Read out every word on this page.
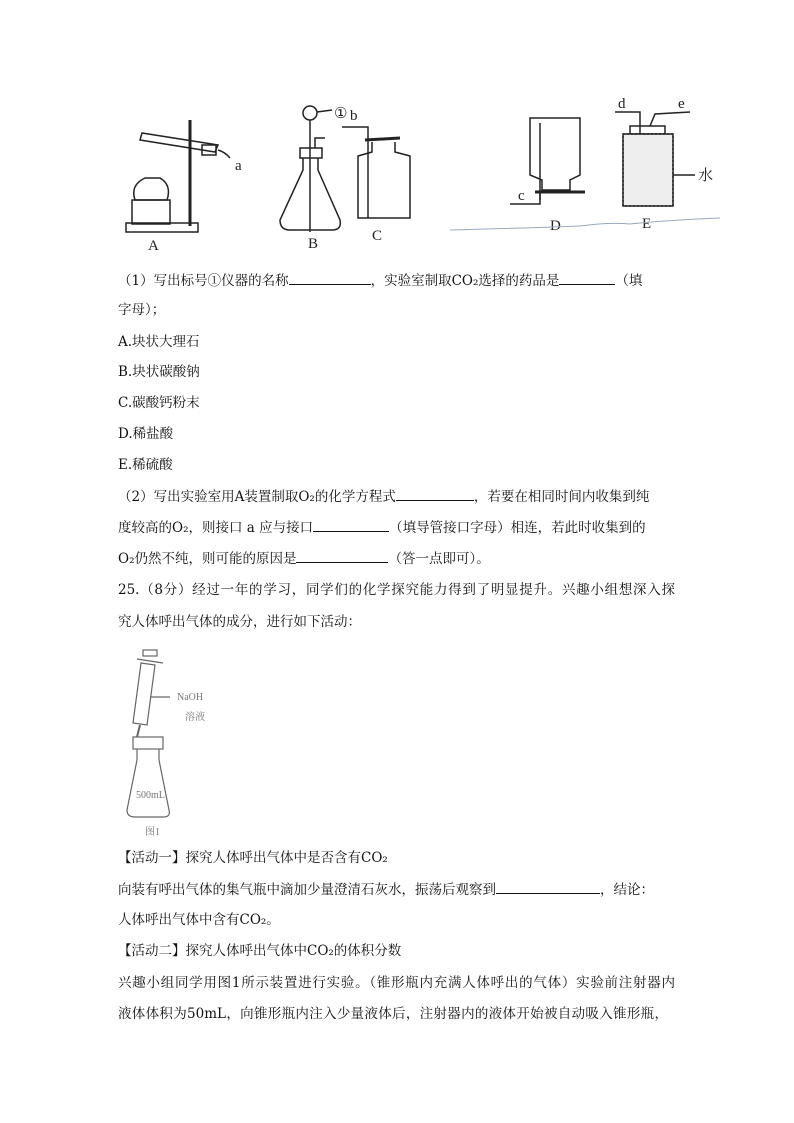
a
A
①
B
b
C
c
D
d	e
水
E
（1）写出标号①仪器的名称	，实验室制取CO₂选择的药品是	（填
字母）；
A.块状大理石
B.块状碳酸钠
C.碳酸钙粉末
D.稀盐酸
E.稀硫酸
（2）写出实验室用A装置制取O₂的化学方程式	，若要在相同时间内收集到纯
度较高的O₂，则接口 a 应与接口	（填导管接口字母）相连，若此时收集到的
O₂仍然不纯，则可能的原因是	（答一点即可）。
25.（8分）经过一年的学习，同学们的化学探究能力得到了明显提升。兴趣小组想深入探
究人体呼出气体的成分，进行如下活动：
NaOH
溶液
500mL
图1
【活动一】探究人体呼出气体中是否含有CO₂
向装有呼出气体的集气瓶中滴加少量澄清石灰水，振荡后观察到	，结论：
人体呼出气体中含有CO₂。
【活动二】探究人体呼出气体中CO₂的体积分数
兴趣小组同学用图1所示装置进行实验。（锥形瓶内充满人体呼出的气体）实验前注射器内
液体体积为50mL，向锥形瓶内注入少量液体后，注射器内的液体开始被自动吸入锥形瓶，
